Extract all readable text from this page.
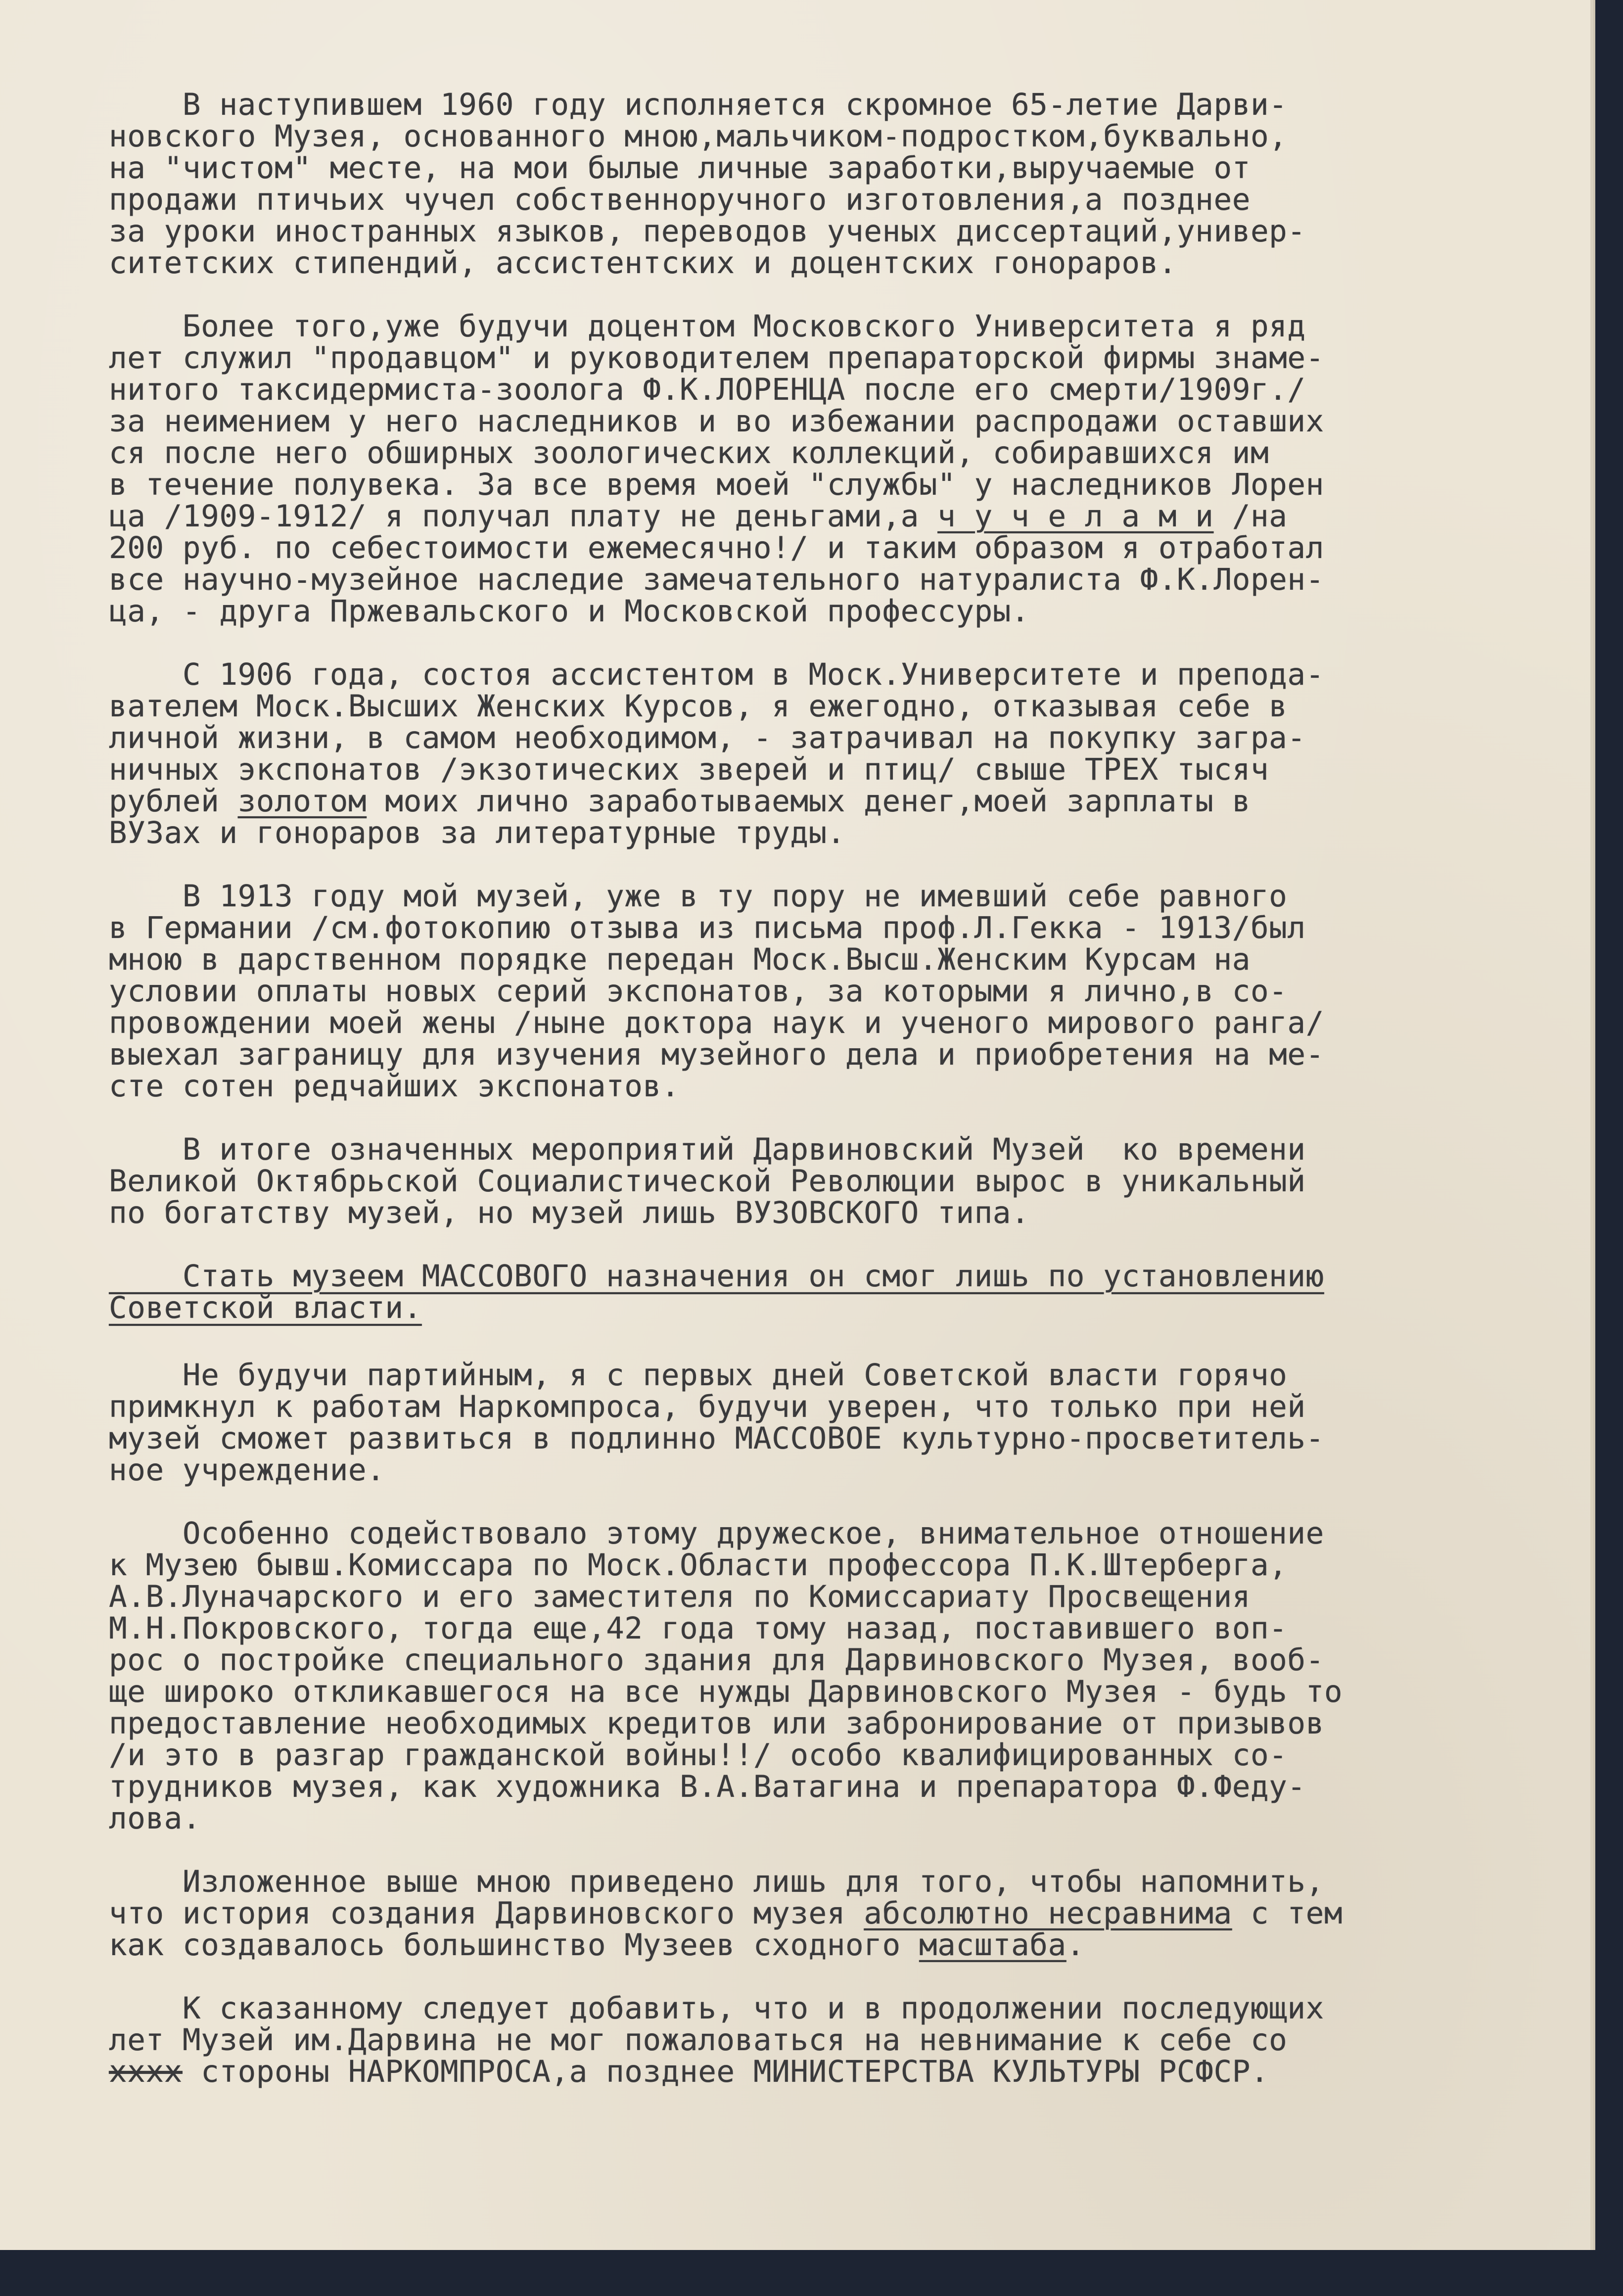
В наступившем 1960 году исполняется скромное 65-летие Дарви-
новского Музея, основанного мною,мальчиком-подростком,буквально,
на "чистом" месте, на мои былые личные заработки,выручаемые от
продажи птичьих чучел собственноручного изготовления,а позднее
за уроки иностранных языков, переводов ученых диссертаций,универ-
ситетских стипендий, ассистентских и доцентских гонораров.
Более того,уже будучи доцентом Московского Университета я ряд
лет служил "продавцом" и руководителем препараторской фирмы знаме-
нитого таксидермиста-зоолога Ф.К.ЛОРЕНЦА после его смерти/1909г./
за неимением у него наследников и во избежании распродажи оставших
ся после него обширных зоологических коллекций, собиравшихся им
в течение полувека. За все время моей "службы" у наследников Лорен
ца /1909-1912/ я получал плату не деньгами,а ч у ч е л а м и /на
200 руб. по себестоимости ежемесячно!/ и таким образом я отработал
все научно-музейное наследие замечательного натуралиста Ф.К.Лорен-
ца, - друга Пржевальского и Московской профессуры.
С 1906 года, состоя ассистентом в Моск.Университете и препода-
вателем Моск.Высших Женских Курсов, я ежегодно, отказывая себе в
личной жизни, в самом необходимом, - затрачивал на покупку загра-
ничных экспонатов /экзотических зверей и птиц/ свыше ТРЕХ тысяч
рублей золотом моих лично заработываемых денег,моей зарплаты в
ВУЗах и гонораров за литературные труды.
В 1913 году мой музей, уже в ту пору не имевший себе равного
в Германии /см.фотокопию отзыва из письма проф.Л.Гекка - 1913/был
мною в дарственном порядке передан Моск.Высш.Женским Курсам на
условии оплаты новых серий экспонатов, за которыми я лично,в со-
провождении моей жены /ныне доктора наук и ученого мирового ранга/
выехал заграницу для изучения музейного дела и приобретения на ме-
сте сотен редчайших экспонатов.
В итоге означенных мероприятий Дарвиновский Музей  ко времени
Великой Октябрьской Социалистической Революции вырос в уникальный
по богатству музей, но музей лишь ВУЗОВСКОГО типа.
Стать музеем МАССОВОГО назначения он смог лишь по установлению
Советской власти.
Не будучи партийным, я с первых дней Советской власти горячо
примкнул к работам Наркомпроса, будучи уверен, что только при ней
музей сможет развиться в подлинно МАССОВОЕ культурно-просветитель-
ное учреждение.
Особенно содействовало этому дружеское, внимательное отношение
к Музею бывш.Комиссара по Моск.Области профессора П.К.Штерберга,
А.В.Луначарского и его заместителя по Комиссариату Просвещения
М.Н.Покровского, тогда еще,42 года тому назад, поставившего воп-
рос о постройке специального здания для Дарвиновского Музея, вооб-
ще широко откликавшегося на все нужды Дарвиновского Музея - будь то
предоставление необходимых кредитов или забронирование от призывов
/и это в разгар гражданской войны!!/ особо квалифицированных со-
трудников музея, как художника В.А.Ватагина и препаратора Ф.Феду-
лова.
Изложенное выше мною приведено лишь для того, чтобы напомнить,
что история создания Дарвиновского музея абсолютно несравнима с тем
как создавалось большинство Музеев сходного масштаба.
К сказанному следует добавить, что и в продолжении последующих
лет Музей им.Дарвина не мог пожаловаться на невнимание к себе со
хххх стороны НАРКОМПРОСА,а позднее МИНИСТЕРСТВА КУЛЬТУРЫ РСФСР.
